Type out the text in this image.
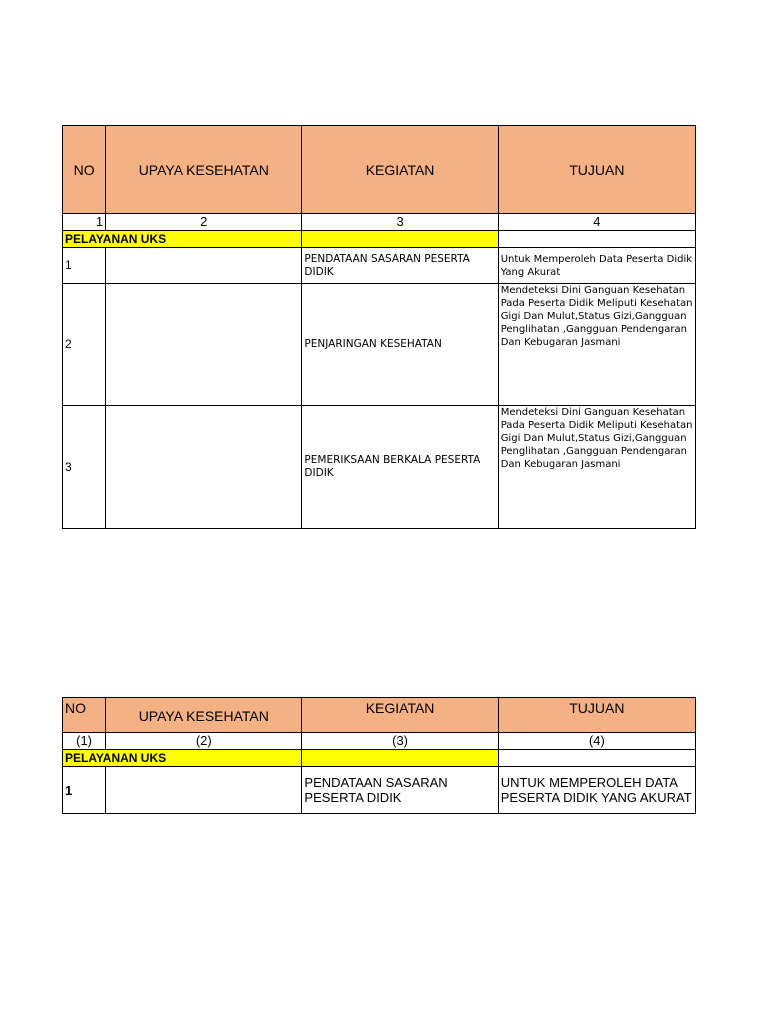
NO	UPAYA KESEHATAN	KEGIATAN	TUJUAN
1	2	3	4
PELAYANAN UKS			
1		PENDATAAN SASARAN PESERTA DIDIK	Untuk Memperoleh Data Peserta Didik Yang Akurat
2		PENJARINGAN KESEHATAN	Mendeteksi Dini Ganguan Kesehatan Pada Peserta Didik Meliputi Kesehatan Gigi Dan Mulut,Status Gizi,Gangguan Penglihatan ,Gangguan Pendengaran Dan Kebugaran Jasmani
3		PEMERIKSAAN BERKALA PESERTA DIDIK	Mendeteksi Dini Ganguan Kesehatan Pada Peserta Didik Meliputi Kesehatan Gigi Dan Mulut,Status Gizi,Gangguan Penglihatan ,Gangguan Pendengaran Dan Kebugaran Jasmani
NO	UPAYA KESEHATAN	KEGIATAN	TUJUAN
(1)	(2)	(3)	(4)
PELAYANAN UKS			
1		PENDATAAN SASARAN PESERTA DIDIK	UNTUK MEMPEROLEH DATA PESERTA DIDIK YANG AKURAT
